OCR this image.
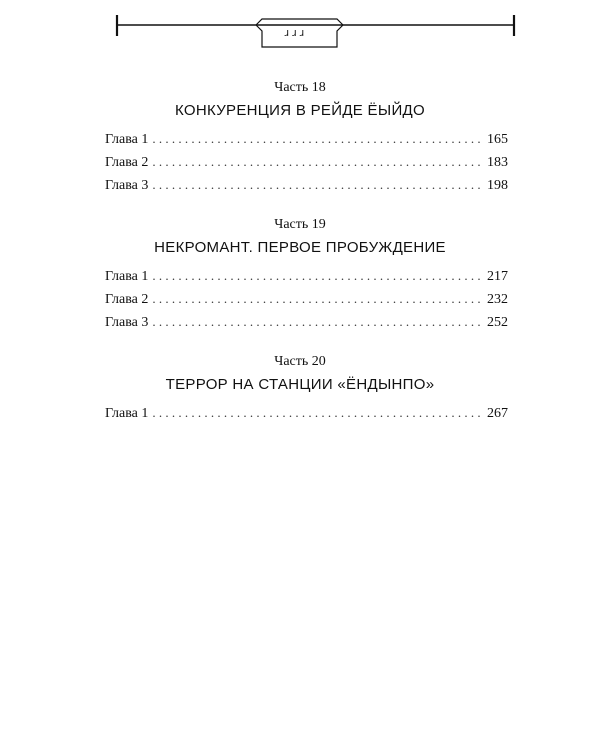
ɹɹɹ
Часть 18
КОНКУРЕНЦИЯ В РЕЙДЕ ЁЫЙДО
Глава 1 . . .	165
Глава 2 . . .	183
Глава 3 . . .	198
Часть 19
НЕКРОМАНТ. ПЕРВОЕ ПРОБУЖДЕНИЕ
Глава 1 . . .	217
Глава 2 . . .	232
Глава 3 . . .	252
Часть 20
ТЕРРОР НА СТАНЦИИ «ЁНДЫНПО»
Глава 1 . . .	267
